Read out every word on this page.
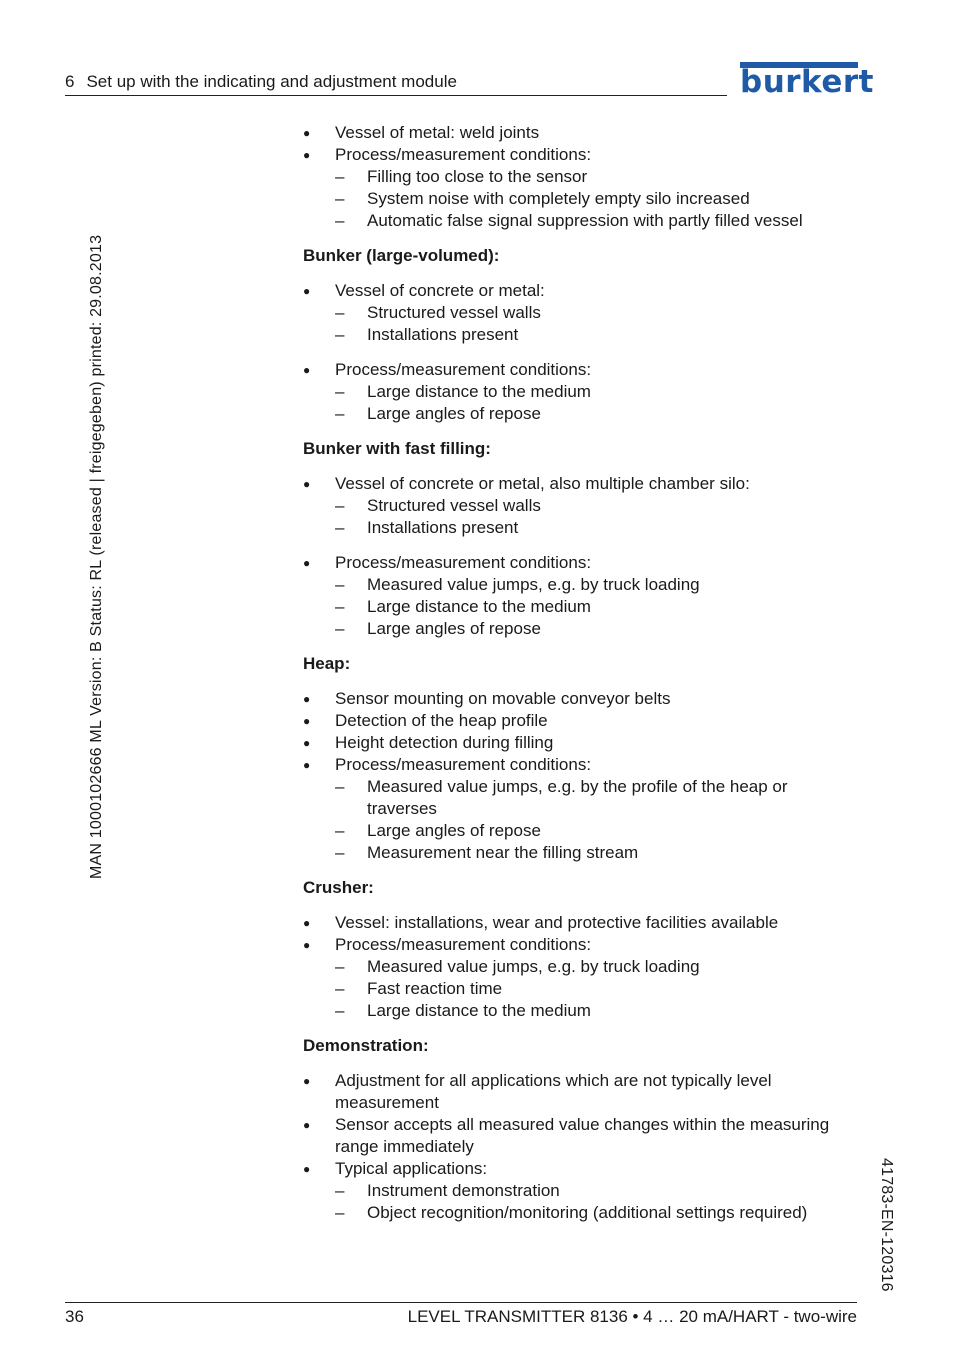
6 Set up with the indicating and adjustment module	burkert
MAN 1000102666 ML Version: B Status: RL (released | freigegeben) printed: 29.08.2013
41783-EN-120316
● Vessel of metal: weld joints
● Process/measurement conditions:
– Filling too close to the sensor
– System noise with completely empty silo increased
– Automatic false signal suppression with partly filled vessel
Bunker (large-volumed):
● Vessel of concrete or metal:
– Structured vessel walls
– Installations present
● Process/measurement conditions:
– Large distance to the medium
– Large angles of repose
Bunker with fast filling:
● Vessel of concrete or metal, also multiple chamber silo:
– Structured vessel walls
– Installations present
● Process/measurement conditions:
– Measured value jumps, e.g. by truck loading
– Large distance to the medium
– Large angles of repose
Heap:
● Sensor mounting on movable conveyor belts
● Detection of the heap profile
● Height detection during filling
● Process/measurement conditions:
– Measured value jumps, e.g. by the profile of the heap or
traverses
– Large angles of repose
– Measurement near the filling stream
Crusher:
● Vessel: installations, wear and protective facilities available
● Process/measurement conditions:
– Measured value jumps, e.g. by truck loading
– Fast reaction time
– Large distance to the medium
Demonstration:
● Adjustment for all applications which are not typically level
measurement
● Sensor accepts all measured value changes within the measuring
range immediately
● Typical applications:
– Instrument demonstration
– Object recognition/monitoring (additional settings required)
36	LEVEL TRANSMITTER 8136 • 4 … 20 mA/HART - two-wire
